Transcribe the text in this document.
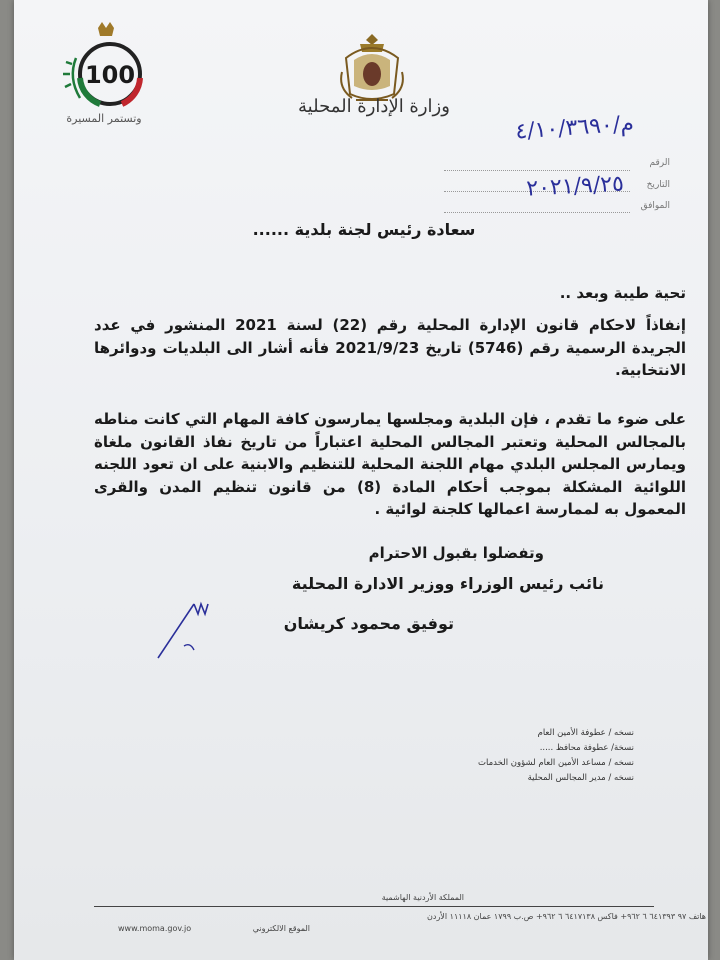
وزارة الإدارة المحلية
100
وتستمر المسيرة
الرقم
التاريخ
الموافق
م/٤/١٠/٣٦٩٠
٢٠٢١/٩/٢٥
سعادة رئيس لجنة بلدية ......
تحية طيبة وبعد ..
إنفاذاً لاحكام قانون الإدارة المحلية رقم (22) لسنة 2021 المنشور في عدد الجريدة الرسمية رقم (5746) تاريخ 2021/9/23 فأنه أشار الى البلديات ودوائرها الانتخابية.
على ضوء ما تقدم ، فإن البلدية ومجلسها يمارسون كافة المهام التي كانت مناطه بالمجالس المحلية وتعتبر المجالس المحلية اعتباراً من تاريخ نفاذ القانون ملغاة ويمارس المجلس البلدي مهام اللجنة المحلية للتنظيم والابنية على ان تعود اللجنه اللوائية المشكلة بموجب أحكام المادة (8) من قانون تنظيم المدن والقرى المعمول به لممارسة اعمالها كلجنة لوائية .
وتفضلوا بقبول الاحترام
نائب رئيس الوزراء ووزير الادارة المحلية
توفيق محمود كريشان
نسخه / عطوفة الأمين العام
نسخة/ عطوفة محافظ .....
نسخه / مساعد الأمين العام لشؤون الخدمات
نسخه / مدير المجالس المحلية
المملكة الأردنية الهاشمية
هاتف ٩٧ ٦٤١٣٩٣ ٦ ٩٦٢+ فاكس ٦٤١٧١٣٨ ٦ ٩٦٢+ ص.ب ١٧٩٩ عمان ١١١١٨ الأردن
الموقع الالكتروني
www.moma.gov.jo
